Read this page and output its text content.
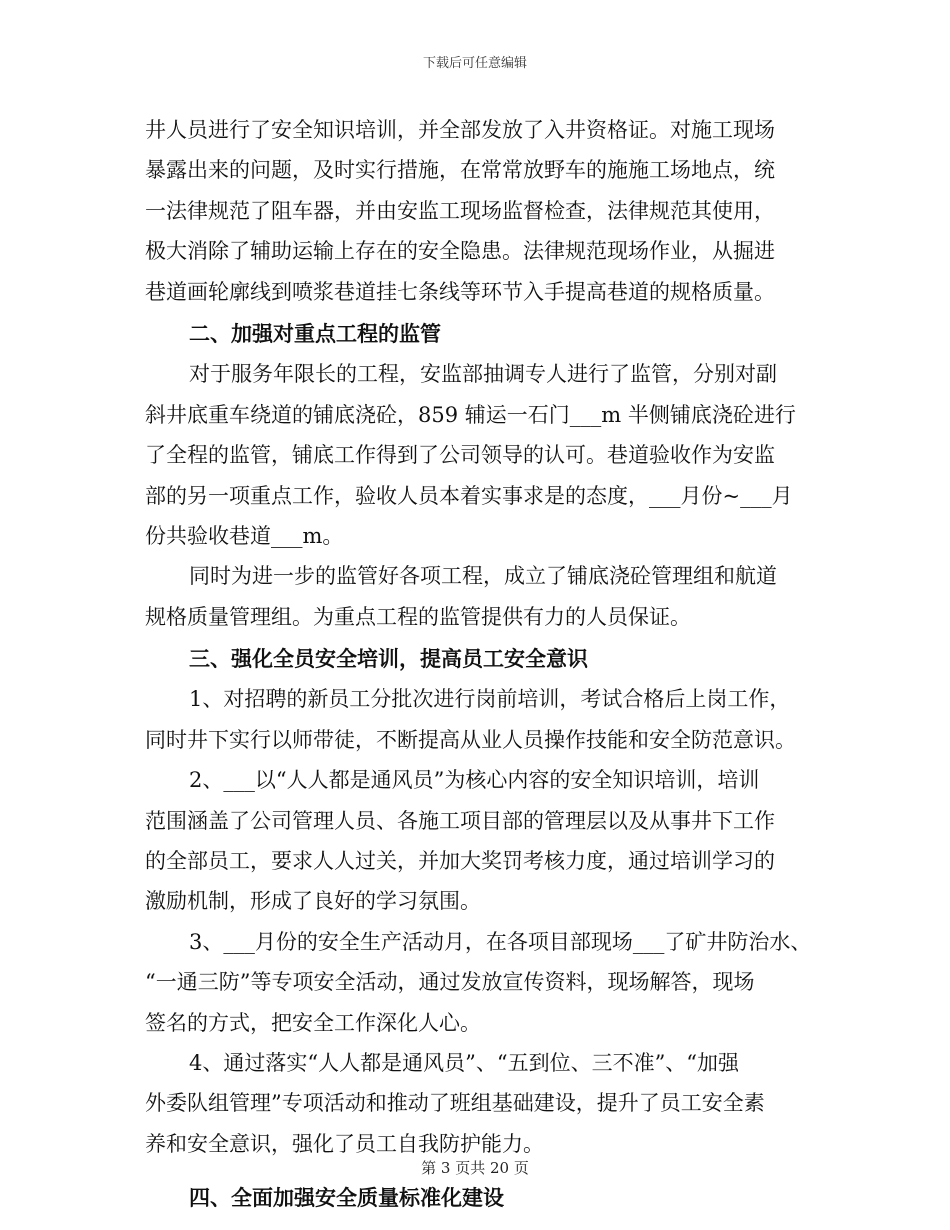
下载后可任意编辑
井人员进行了安全知识培训，并全部发放了入井资格证。对施工现场
暴露出来的问题，及时实行措施，在常常放野车的施施工场地点，统
一法律规范了阻车器，并由安监工现场监督检查，法律规范其使用，
极大消除了辅助运输上存在的安全隐患。法律规范现场作业，从掘进
巷道画轮廓线到喷浆巷道挂七条线等环节入手提高巷道的规格质量。
二、加强对重点工程的监管
对于服务年限长的工程，安监部抽调专人进行了监管，分别对副
斜井底重车绕道的铺底浇砼，859 辅运一石门___m 半侧铺底浇砼进行
了全程的监管，铺底工作得到了公司领导的认可。巷道验收作为安监
部的另一项重点工作，验收人员本着实事求是的态度，___月份~___月
份共验收巷道___m。
同时为进一步的监管好各项工程，成立了铺底浇砼管理组和航道
规格质量管理组。为重点工程的监管提供有力的人员保证。
三、强化全员安全培训，提高员工安全意识
1、对招聘的新员工分批次进行岗前培训，考试合格后上岗工作，
同时井下实行以师带徒，不断提高从业人员操作技能和安全防范意识。
2、___以“人人都是通风员”为核心内容的安全知识培训，培训
范围涵盖了公司管理人员、各施工项目部的管理层以及从事井下工作
的全部员工，要求人人过关，并加大奖罚考核力度，通过培训学习的
激励机制，形成了良好的学习氛围。
3、___月份的安全生产活动月，在各项目部现场___了矿井防治水、
“一通三防”等专项安全活动，通过发放宣传资料，现场解答，现场
签名的方式，把安全工作深化人心。
4、通过落实“人人都是通风员”、“五到位、三不准”、“加强
外委队组管理”专项活动和推动了班组基础建设，提升了员工安全素
养和安全意识，强化了员工自我防护能力。
四、全面加强安全质量标准化建设
第 3 页共 20 页
